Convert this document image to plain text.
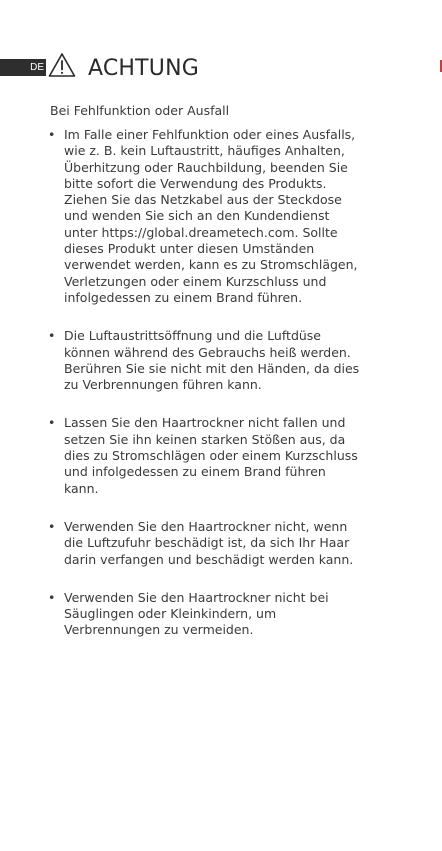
DE ACHTUNG
Bei Fehlfunktion oder Ausfall
• Im Falle einer Fehlfunktion oder eines Ausfalls,
wie z. B. kein Luftaustritt, häufiges Anhalten,
Überhitzung oder Rauchbildung, beenden Sie
bitte sofort die Verwendung des Produkts.
Ziehen Sie das Netzkabel aus der Steckdose
und wenden Sie sich an den Kundendienst
unter https://global.dreametech.com. Sollte
dieses Produkt unter diesen Umständen
verwendet werden, kann es zu Stromschlägen,
Verletzungen oder einem Kurzschluss und
infolgedessen zu einem Brand führen.

• Die Luftaustrittsöffnung und die Luftdüse
können während des Gebrauchs heiß werden.
Berühren Sie sie nicht mit den Händen, da dies
zu Verbrennungen führen kann.

• Lassen Sie den Haartrockner nicht fallen und
setzen Sie ihn keinen starken Stößen aus, da
dies zu Stromschlägen oder einem Kurzschluss
und infolgedessen zu einem Brand führen
kann.

• Verwenden Sie den Haartrockner nicht, wenn
die Luftzufuhr beschädigt ist, da sich Ihr Haar
darin verfangen und beschädigt werden kann.

• Verwenden Sie den Haartrockner nicht bei
Säuglingen oder Kleinkindern, um
Verbrennungen zu vermeiden.
